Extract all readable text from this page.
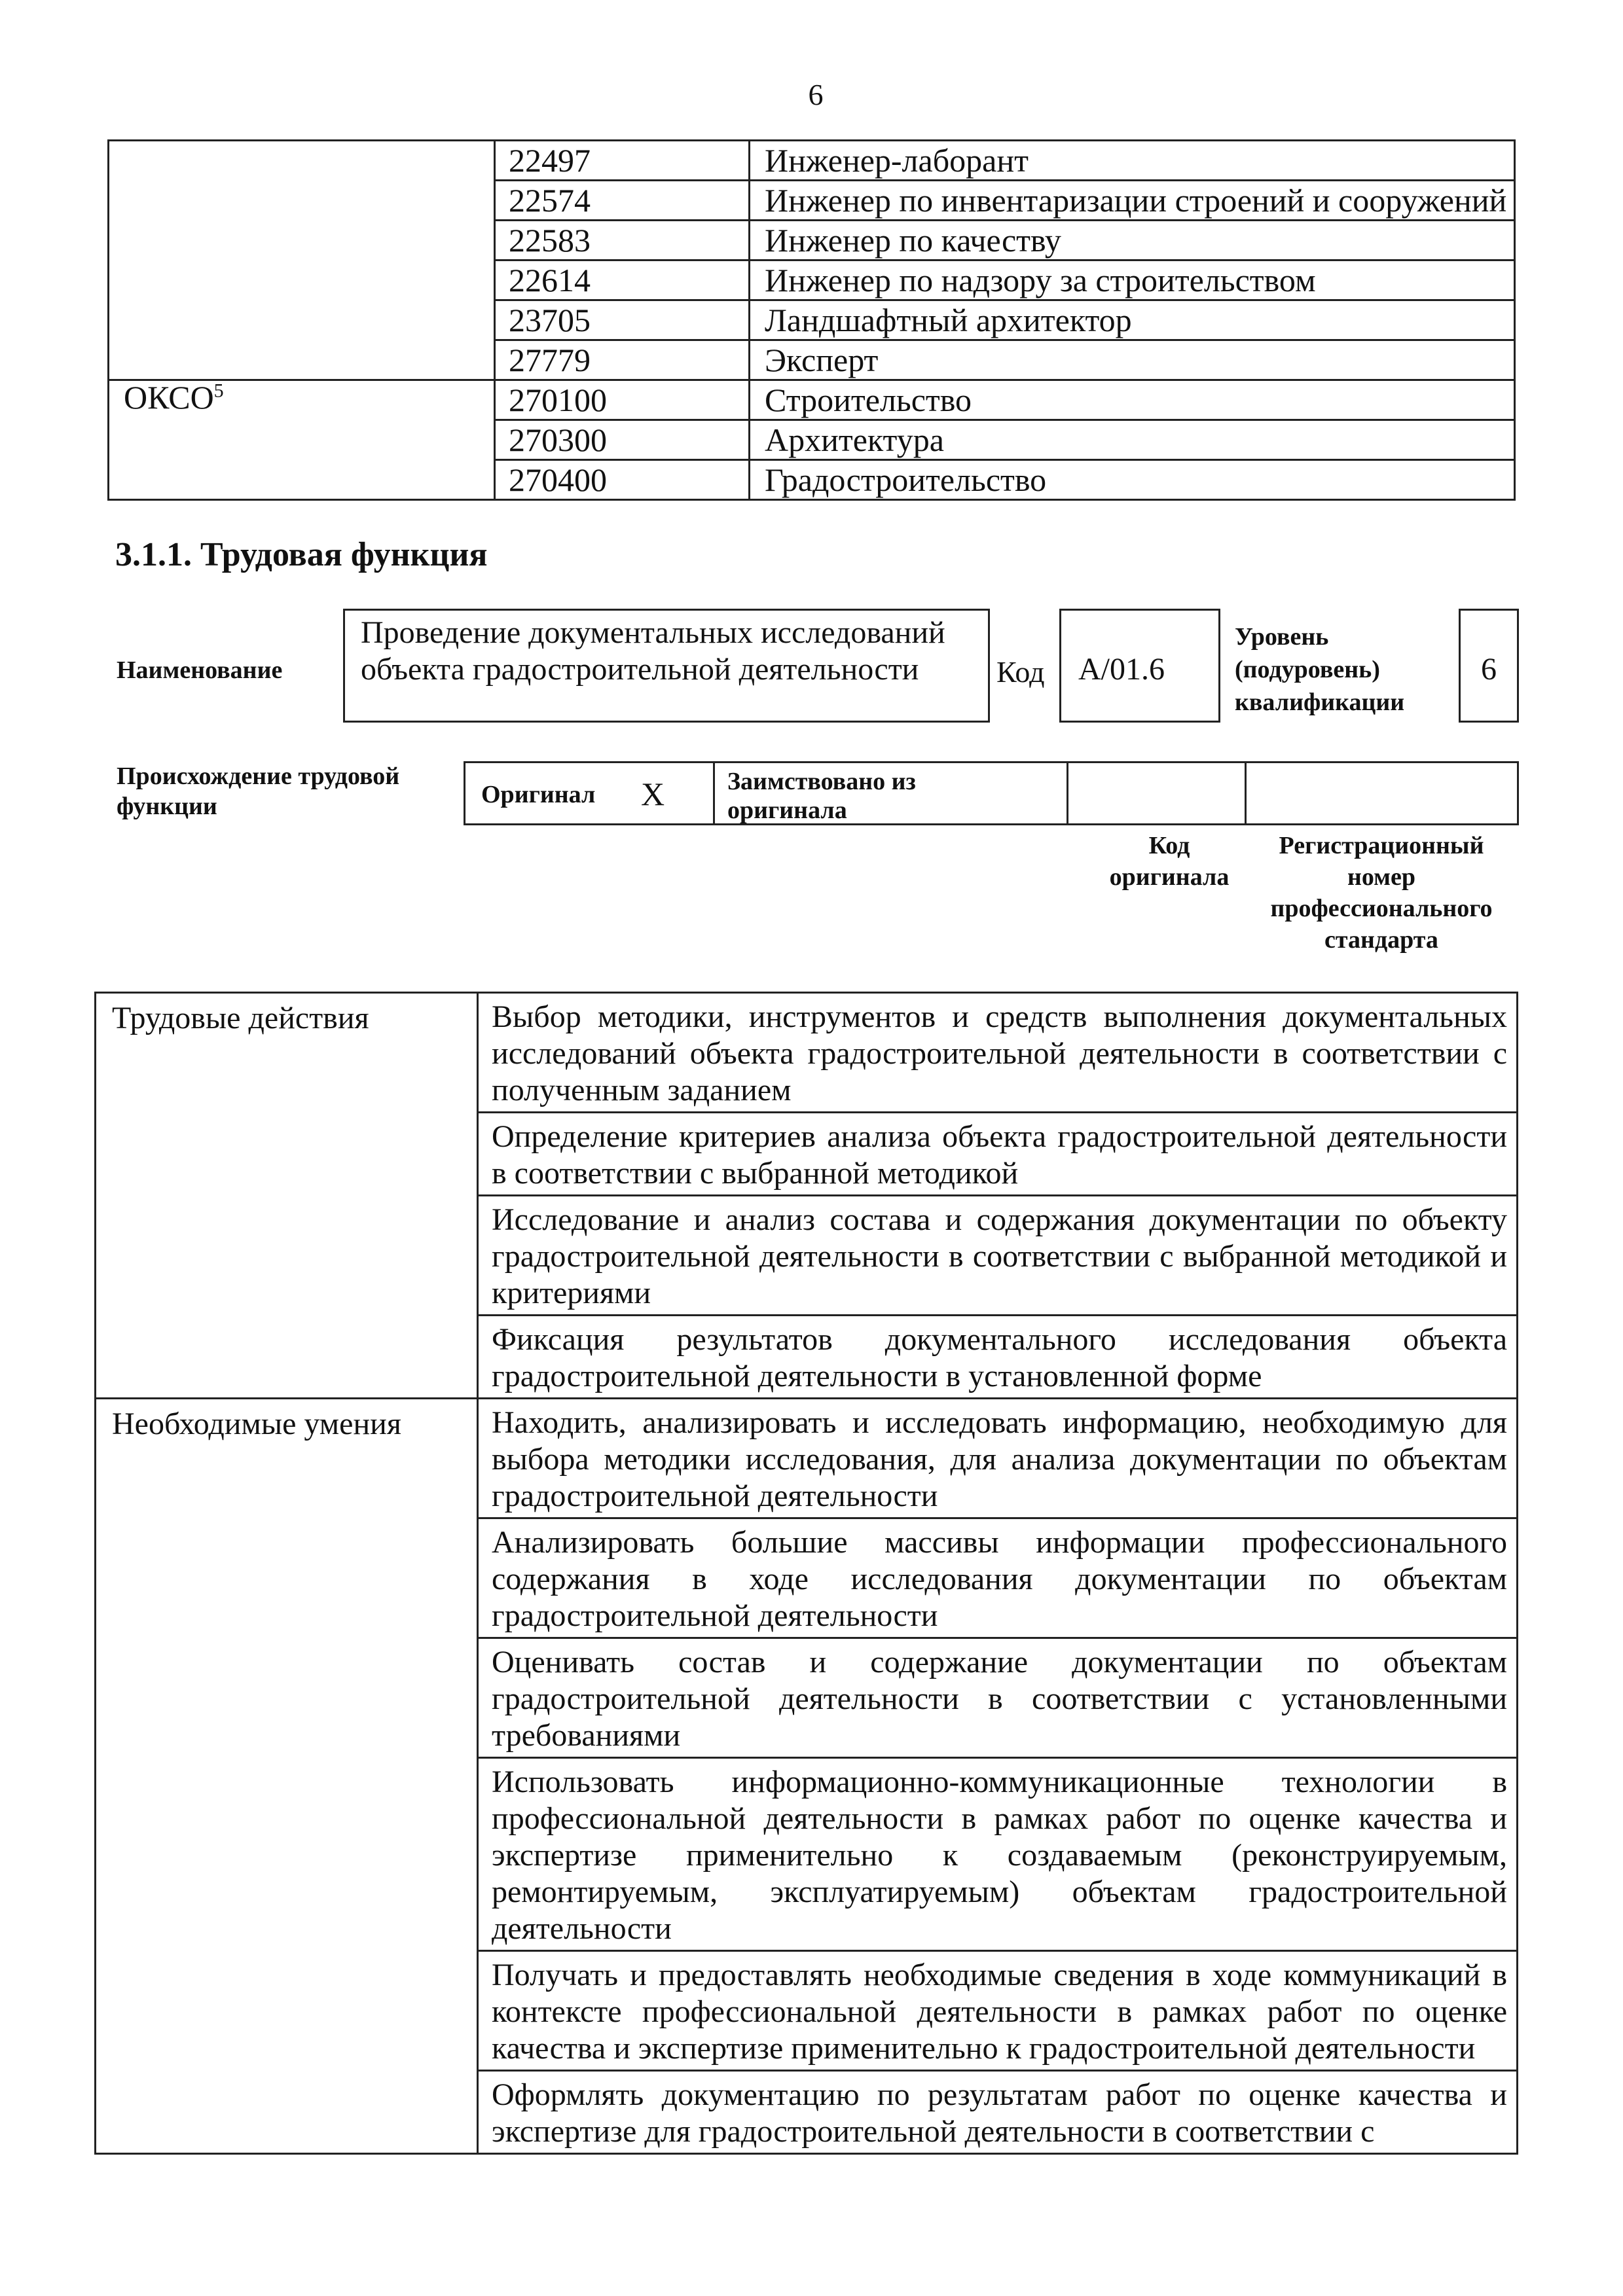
6
	22497	Инженер-лаборант
	22574	Инженер по инвентаризации строений и сооружений
	22583	Инженер по качеству
	22614	Инженер по надзору за строительством
	23705	Ландшафтный архитектор
	27779	Эксперт
ОКСО$^5$	270100	Строительство
	270300	Архитектура
	270400	Градостроительство
3.1.1. Трудовая функция
Наименование
Проведение документальных исследований объекта градостроительной деятельности	Код A/01.6
Уровень
(подуровень)
квалификации
6
Происхождение трудовой функции	Оригинал X	Заимствовано из оригинала
Код
оригинала
Регистрационный
номер
профессионального
стандарта
Трудовые действия	Выбор методики, инструментов и средств выполнения документальных исследований объекта градостроительной деятельности в соответствии с полученным заданием
	Определение критериев анализа объекта градостроительной деятельности в соответствии с выбранной методикой
	Исследование и анализ состава и содержания документации по объекту градостроительной деятельности в соответствии с выбранной методикой и критериями
	Фиксация результатов документального исследования объекта градостроительной деятельности в установленной форме
Необходимые умения	Находить, анализировать и исследовать информацию, необходимую для выбора методики исследования, для анализа документации по объектам градостроительной деятельности
	Анализировать большие массивы информации профессионального содержания в ходе исследования документации по объектам градостроительной деятельности
	Оценивать состав и содержание документации по объектам градостроительной деятельности в соответствии с установленными требованиями
	Использовать информационно-коммуникационные технологии в профессиональной деятельности в рамках работ по оценке качества и экспертизе применительно к создаваемым (реконструируемым, ремонтируемым, эксплуатируемым) объектам градостроительной деятельности
	Получать и предоставлять необходимые сведения в ходе коммуникаций в контексте профессиональной деятельности в рамках работ по оценке качества и экспертизе применительно к градостроительной деятельности
	Оформлять документацию по результатам работ по оценке качества и экспертизе для градостроительной деятельности в соответствии с
